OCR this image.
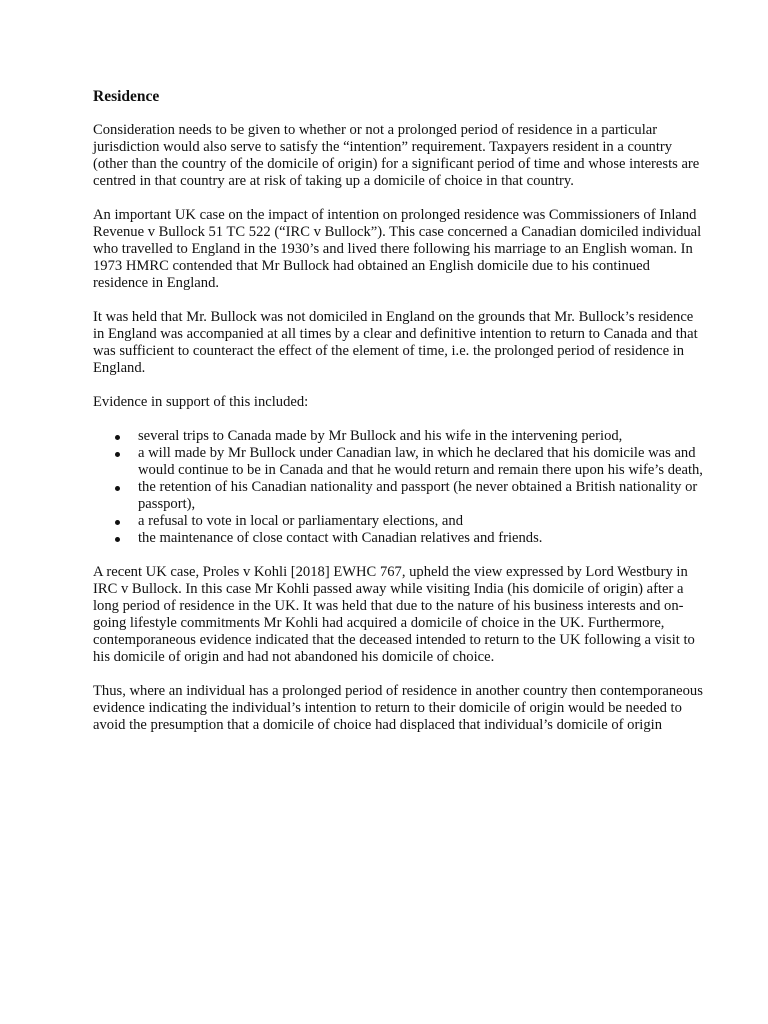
Residence

Consideration needs to be given to whether or not a prolonged period of residence in a particular jurisdiction would also serve to satisfy the “intention” requirement. Taxpayers resident in a country (other than the country of the domicile of origin) for a significant period of time and whose interests are centred in that country are at risk of taking up a domicile of choice in that country.

An important UK case on the impact of intention on prolonged residence was Commissioners of Inland Revenue v Bullock 51 TC 522 (“IRC v Bullock”). This case concerned a Canadian domiciled individual who travelled to England in the 1930’s and lived there following his marriage to an English woman. In 1973 HMRC contended that Mr Bullock had obtained an English domicile due to his continued residence in England.

It was held that Mr. Bullock was not domiciled in England on the grounds that Mr. Bullock’s residence in England was accompanied at all times by a clear and definitive intention to return to Canada and that was sufficient to counteract the effect of the element of time, i.e. the prolonged period of residence in England.

Evidence in support of this included:

several trips to Canada made by Mr Bullock and his wife in the intervening period,
a will made by Mr Bullock under Canadian law, in which he declared that his domicile was and would continue to be in Canada and that he would return and remain there upon his wife’s death,
the retention of his Canadian nationality and passport (he never obtained a British nationality or passport),
a refusal to vote in local or parliamentary elections, and
the maintenance of close contact with Canadian relatives and friends.

A recent UK case, Proles v Kohli [2018] EWHC 767, upheld the view expressed by Lord Westbury in IRC v Bullock. In this case Mr Kohli passed away while visiting India (his domicile of origin) after a long period of residence in the UK. It was held that due to the nature of his business interests and on-going lifestyle commitments Mr Kohli had acquired a domicile of choice in the UK. Furthermore, contemporaneous evidence indicated that the deceased intended to return to the UK following a visit to his domicile of origin and had not abandoned his domicile of choice.

Thus, where an individual has a prolonged period of residence in another country then contemporaneous evidence indicating the individual’s intention to return to their domicile of origin would be needed to avoid the presumption that a domicile of choice had displaced that individual’s domicile of origin
